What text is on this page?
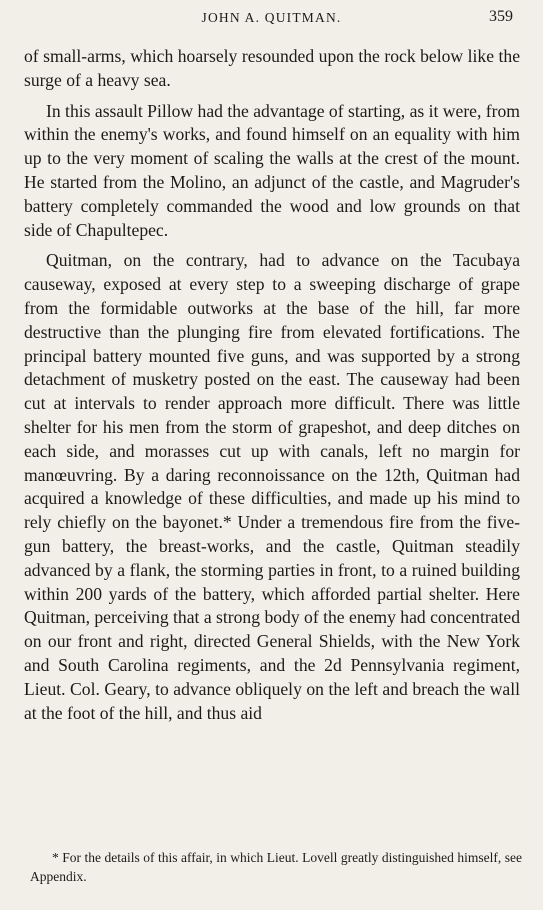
JOHN A. QUITMAN.	359

of small-arms, which hoarsely resounded upon the rock below like the surge of a heavy sea.

In this assault Pillow had the advantage of starting, as it were, from within the enemy's works, and found himself on an equality with him up to the very moment of scaling the walls at the crest of the mount. He started from the Molino, an adjunct of the castle, and Magruder's battery completely commanded the wood and low grounds on that side of Chapultepec.

Quitman, on the contrary, had to advance on the Tacubaya causeway, exposed at every step to a sweeping discharge of grape from the formidable outworks at the base of the hill, far more destructive than the plunging fire from elevated fortifications. The principal battery mounted five guns, and was supported by a strong detachment of musketry posted on the east. The causeway had been cut at intervals to render approach more difficult. There was little shelter for his men from the storm of grapeshot, and deep ditches on each side, and morasses cut up with canals, left no margin for manœuvring. By a daring reconnoissance on the 12th, Quitman had acquired a knowledge of these difficulties, and made up his mind to rely chiefly on the bayonet.* Under a tremendous fire from the five-gun battery, the breast-works, and the castle, Quitman steadily advanced by a flank, the storming parties in front, to a ruined building within 200 yards of the battery, which afforded partial shelter. Here Quitman, perceiving that a strong body of the enemy had concentrated on our front and right, directed General Shields, with the New York and South Carolina regiments, and the 2d Pennsylvania regiment, Lieut. Col. Geary, to advance obliquely on the left and breach the wall at the foot of the hill, and thus aid

* For the details of this affair, in which Lieut. Lovell greatly distinguished himself, see Appendix.
